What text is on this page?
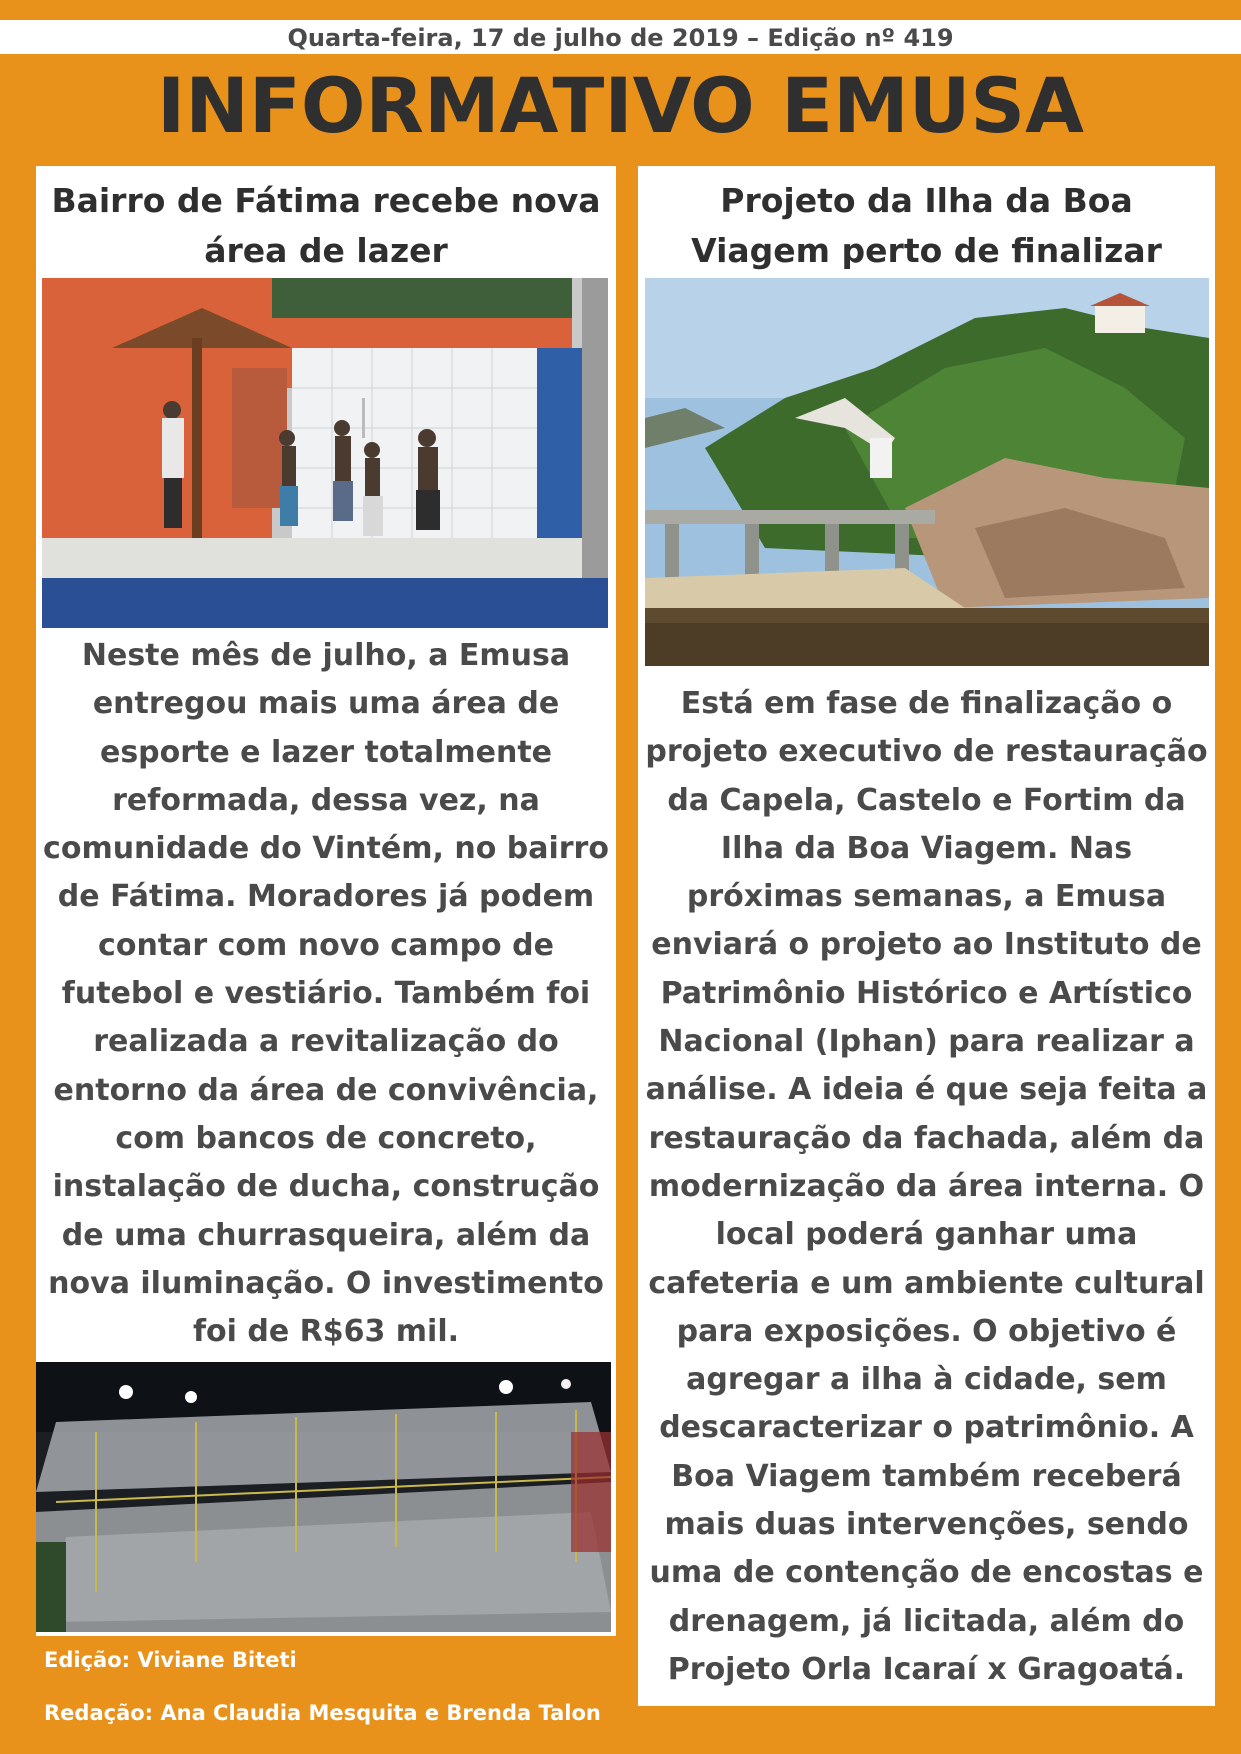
Quarta-feira, 17 de julho de 2019 – Edição nº 419
INFORMATIVO EMUSA
Bairro de Fátima recebe nova área de lazer
Neste mês de julho, a Emusa entregou mais uma área de esporte e lazer totalmente reformada, dessa vez, na comunidade do Vintém, no bairro de Fátima. Moradores já podem contar com novo campo de futebol e vestiário. Também foi realizada a revitalização do entorno da área de convivência, com bancos de concreto, instalação de ducha, construção de uma churrasqueira, além da nova iluminação. O investimento foi de R$63 mil.
Projeto da Ilha da Boa Viagem perto de finalizar
Está em fase de finalização o projeto executivo de restauração da Capela, Castelo e Fortim da Ilha da Boa Viagem. Nas próximas semanas, a Emusa enviará o projeto ao Instituto de Patrimônio Histórico e Artístico Nacional (Iphan) para realizar a análise. A ideia é que seja feita a restauração da fachada, além da modernização da área interna. O local poderá ganhar uma cafeteria e um ambiente cultural para exposições. O objetivo é agregar a ilha à cidade, sem descaracterizar o patrimônio. A Boa Viagem também receberá mais duas intervenções, sendo uma de contenção de encostas e drenagem, já licitada, além do Projeto Orla Icaraí x Gragoatá.
Edição: Viviane Biteti
Redação: Ana Claudia Mesquita e Brenda Talon
